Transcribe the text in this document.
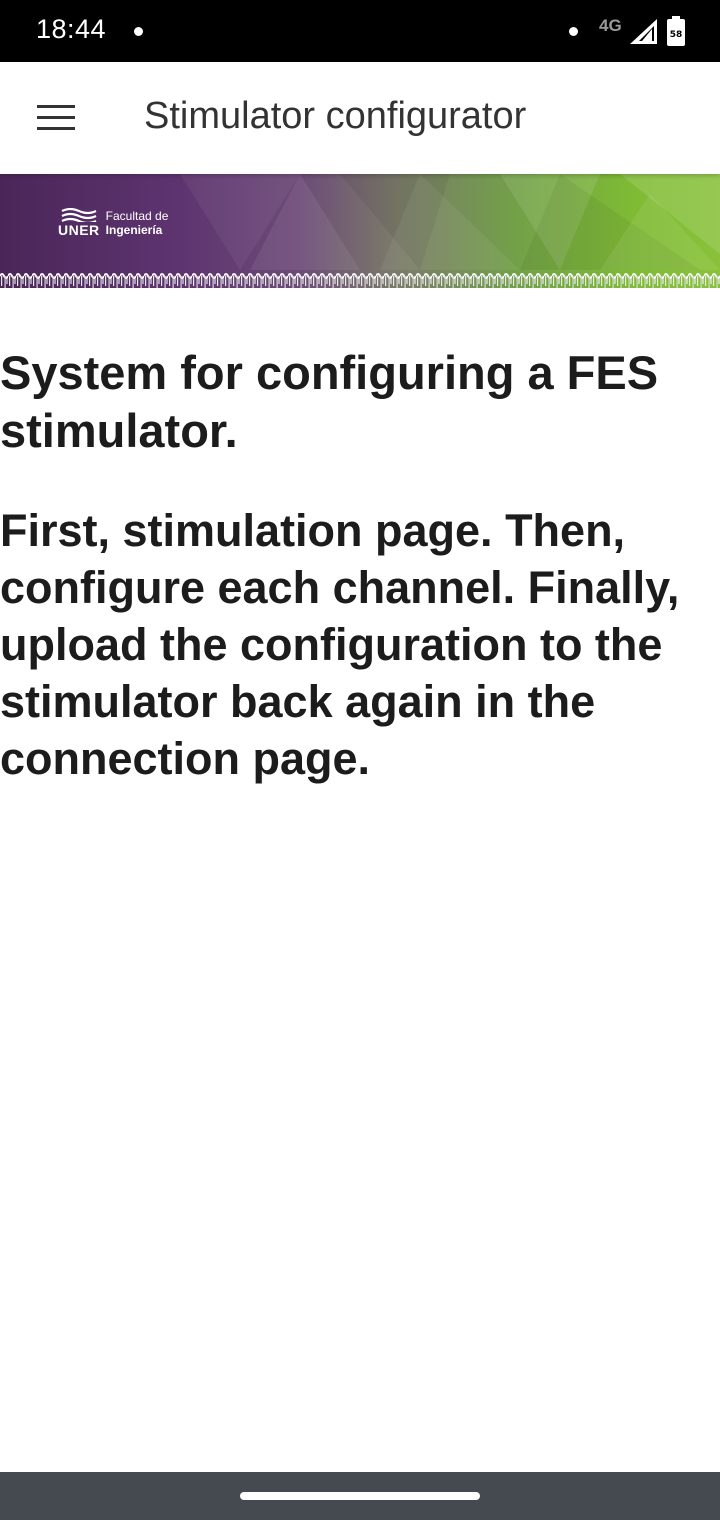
18:44	4G	58
Stimulator configurator
UNER
Facultad de
Ingeniería
System for configuring a FES stimulator.

First, stimulation page. Then, configure each channel. Finally, upload the configuration to the stimulator back again in the connection page.
